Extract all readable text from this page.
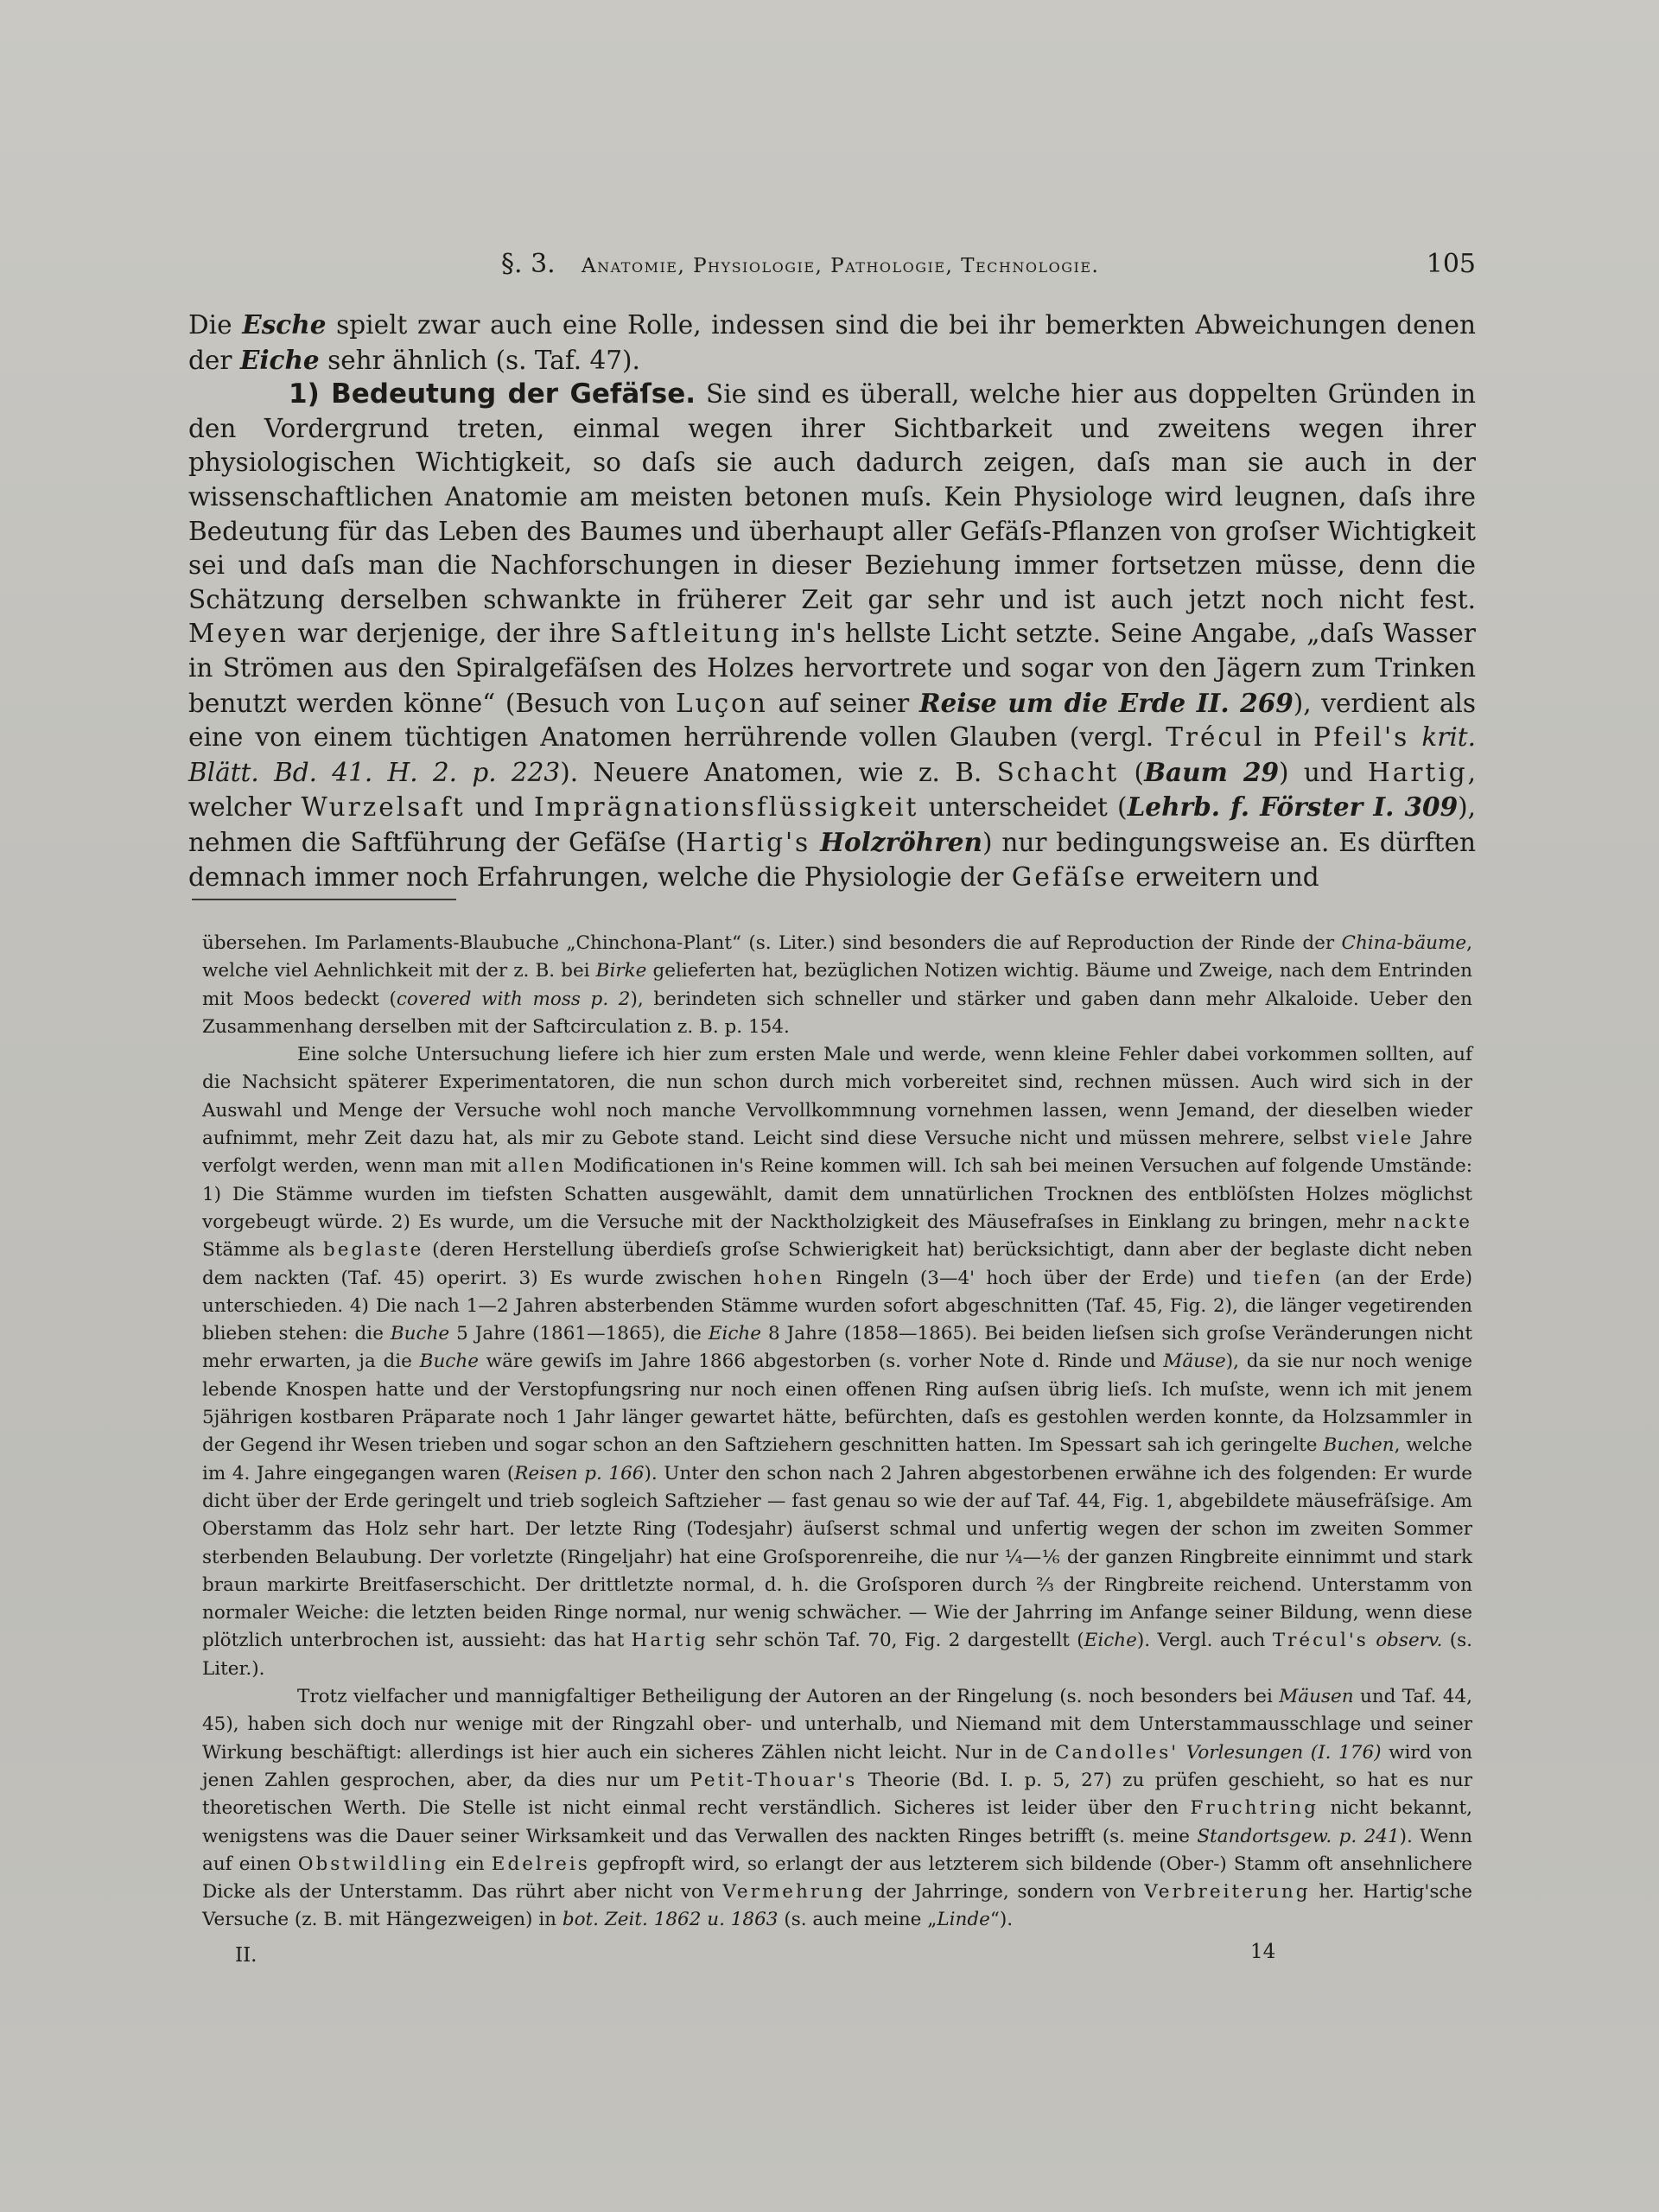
§. 3. Anatomie, Physiologie, Pathologie, Technologie.	105

Die Esche spielt zwar auch eine Rolle, indessen sind die bei ihr bemerkten Abweichungen denen der Eiche sehr ähnlich (s. Taf. 47).

1) Bedeutung der Gefäſse. Sie sind es überall, welche hier aus doppelten Gründen in den Vordergrund treten, einmal wegen ihrer Sichtbarkeit und zweitens wegen ihrer physiologischen Wichtigkeit, so daſs sie auch dadurch zeigen, daſs man sie auch in der wissenschaftlichen Anatomie am meisten betonen muſs. Kein Physiologe wird leugnen, daſs ihre Bedeutung für das Leben des Baumes und überhaupt aller Gefäſs-Pflanzen von groſser Wichtigkeit sei und daſs man die Nachforschungen in dieser Beziehung immer fortsetzen müsse, denn die Schätzung derselben schwankte in früherer Zeit gar sehr und ist auch jetzt noch nicht fest. Meyen war derjenige, der ihre Saftleitung in's hellste Licht setzte. Seine Angabe, „daſs Wasser in Strömen aus den Spiralgefäſsen des Holzes hervortrete und sogar von den Jägern zum Trinken benutzt werden könne“ (Besuch von Luçon auf seiner Reise um die Erde II. 269), verdient als eine von einem tüchtigen Anatomen herrührende vollen Glauben (vergl. Trécul in Pfeil's krit. Blätt. Bd. 41. H. 2. p. 223). Neuere Anatomen, wie z. B. Schacht (Baum 29) und Hartig, welcher Wurzelsaft und Imprägnationsflüssigkeit unterscheidet (Lehrb. f. Förster I. 309), nehmen die Saftführung der Gefäſse (Hartig's Holzröhren) nur bedingungsweise an. Es dürften demnach immer noch Erfahrungen, welche die Physiologie der Gefäſse erweitern und

übersehen. Im Parlaments-Blaubuche „Chinchona-Plant“ (s. Liter.) sind besonders die auf Reproduction der Rinde der China-bäume, welche viel Aehnlichkeit mit der z. B. bei Birke gelieferten hat, bezüglichen Notizen wichtig. Bäume und Zweige, nach dem Entrinden mit Moos bedeckt (covered with moss p. 2), berindeten sich schneller und stärker und gaben dann mehr Alkaloide. Ueber den Zusammenhang derselben mit der Saftcirculation z. B. p. 154.

Eine solche Untersuchung liefere ich hier zum ersten Male und werde, wenn kleine Fehler dabei vorkommen sollten, auf die Nachsicht späterer Experimentatoren, die nun schon durch mich vorbereitet sind, rechnen müssen. Auch wird sich in der Auswahl und Menge der Versuche wohl noch manche Vervollkommnung vornehmen lassen, wenn Jemand, der dieselben wieder aufnimmt, mehr Zeit dazu hat, als mir zu Gebote stand. Leicht sind diese Versuche nicht und müssen mehrere, selbst viele Jahre verfolgt werden, wenn man mit allen Modificationen in's Reine kommen will. Ich sah bei meinen Versuchen auf folgende Umstände: 1) Die Stämme wurden im tiefsten Schatten ausgewählt, damit dem unnatürlichen Trocknen des entblöſsten Holzes möglichst vorgebeugt würde. 2) Es wurde, um die Versuche mit der Nacktholzigkeit des Mäusefraſses in Einklang zu bringen, mehr nackte Stämme als beglaste (deren Herstellung überdieſs groſse Schwierigkeit hat) berücksichtigt, dann aber der beglaste dicht neben dem nackten (Taf. 45) operirt. 3) Es wurde zwischen hohen Ringeln (3—4' hoch über der Erde) und tiefen (an der Erde) unterschieden. 4) Die nach 1—2 Jahren absterbenden Stämme wurden sofort abgeschnitten (Taf. 45, Fig. 2), die länger vegetirenden blieben stehen: die Buche 5 Jahre (1861—1865), die Eiche 8 Jahre (1858—1865). Bei beiden lieſsen sich groſse Veränderungen nicht mehr erwarten, ja die Buche wäre gewiſs im Jahre 1866 abgestorben (s. vorher Note d. Rinde und Mäuse), da sie nur noch wenige lebende Knospen hatte und der Verstopfungsring nur noch einen offenen Ring auſsen übrig lieſs. Ich muſste, wenn ich mit jenem 5jährigen kostbaren Präparate noch 1 Jahr länger gewartet hätte, befürchten, daſs es gestohlen werden konnte, da Holzsammler in der Gegend ihr Wesen trieben und sogar schon an den Saftziehern geschnitten hatten. Im Spessart sah ich geringelte Buchen, welche im 4. Jahre eingegangen waren (Reisen p. 166). Unter den schon nach 2 Jahren abgestorbenen erwähne ich des folgenden: Er wurde dicht über der Erde geringelt und trieb sogleich Saftzieher — fast genau so wie der auf Taf. 44, Fig. 1, abgebildete mäusefräſsige. Am Oberstamm das Holz sehr hart. Der letzte Ring (Todesjahr) äuſserst schmal und unfertig wegen der schon im zweiten Sommer sterbenden Belaubung. Der vorletzte (Ringeljahr) hat eine Groſsporenreihe, die nur ¼—⅙ der ganzen Ringbreite einnimmt und stark braun markirte Breitfaserschicht. Der drittletzte normal, d. h. die Groſsporen durch ⅔ der Ringbreite reichend. Unterstamm von normaler Weiche: die letzten beiden Ringe normal, nur wenig schwächer. — Wie der Jahrring im Anfange seiner Bildung, wenn diese plötzlich unterbrochen ist, aussieht: das hat Hartig sehr schön Taf. 70, Fig. 2 dargestellt (Eiche). Vergl. auch Trécul's observ. (s. Liter.).

Trotz vielfacher und mannigfaltiger Betheiligung der Autoren an der Ringelung (s. noch besonders bei Mäusen und Taf. 44, 45), haben sich doch nur wenige mit der Ringzahl ober- und unterhalb, und Niemand mit dem Unterstammausschlage und seiner Wirkung beschäftigt: allerdings ist hier auch ein sicheres Zählen nicht leicht. Nur in de Candolles' Vorlesungen (I. 176) wird von jenen Zahlen gesprochen, aber, da dies nur um Petit-Thouar's Theorie (Bd. I. p. 5, 27) zu prüfen geschieht, so hat es nur theoretischen Werth. Die Stelle ist nicht einmal recht verständlich. Sicheres ist leider über den Fruchtring nicht bekannt, wenigstens was die Dauer seiner Wirksamkeit und das Verwallen des nackten Ringes betrifft (s. meine Standortsgew. p. 241). Wenn auf einen Obstwildling ein Edelreis gepfropft wird, so erlangt der aus letzterem sich bildende (Ober-) Stamm oft ansehnlichere Dicke als der Unterstamm. Das rührt aber nicht von Vermehrung der Jahrringe, sondern von Verbreiterung her. Hartig'sche Versuche (z. B. mit Hängezweigen) in bot. Zeit. 1862 u. 1863 (s. auch meine „Linde“).

II.	14
